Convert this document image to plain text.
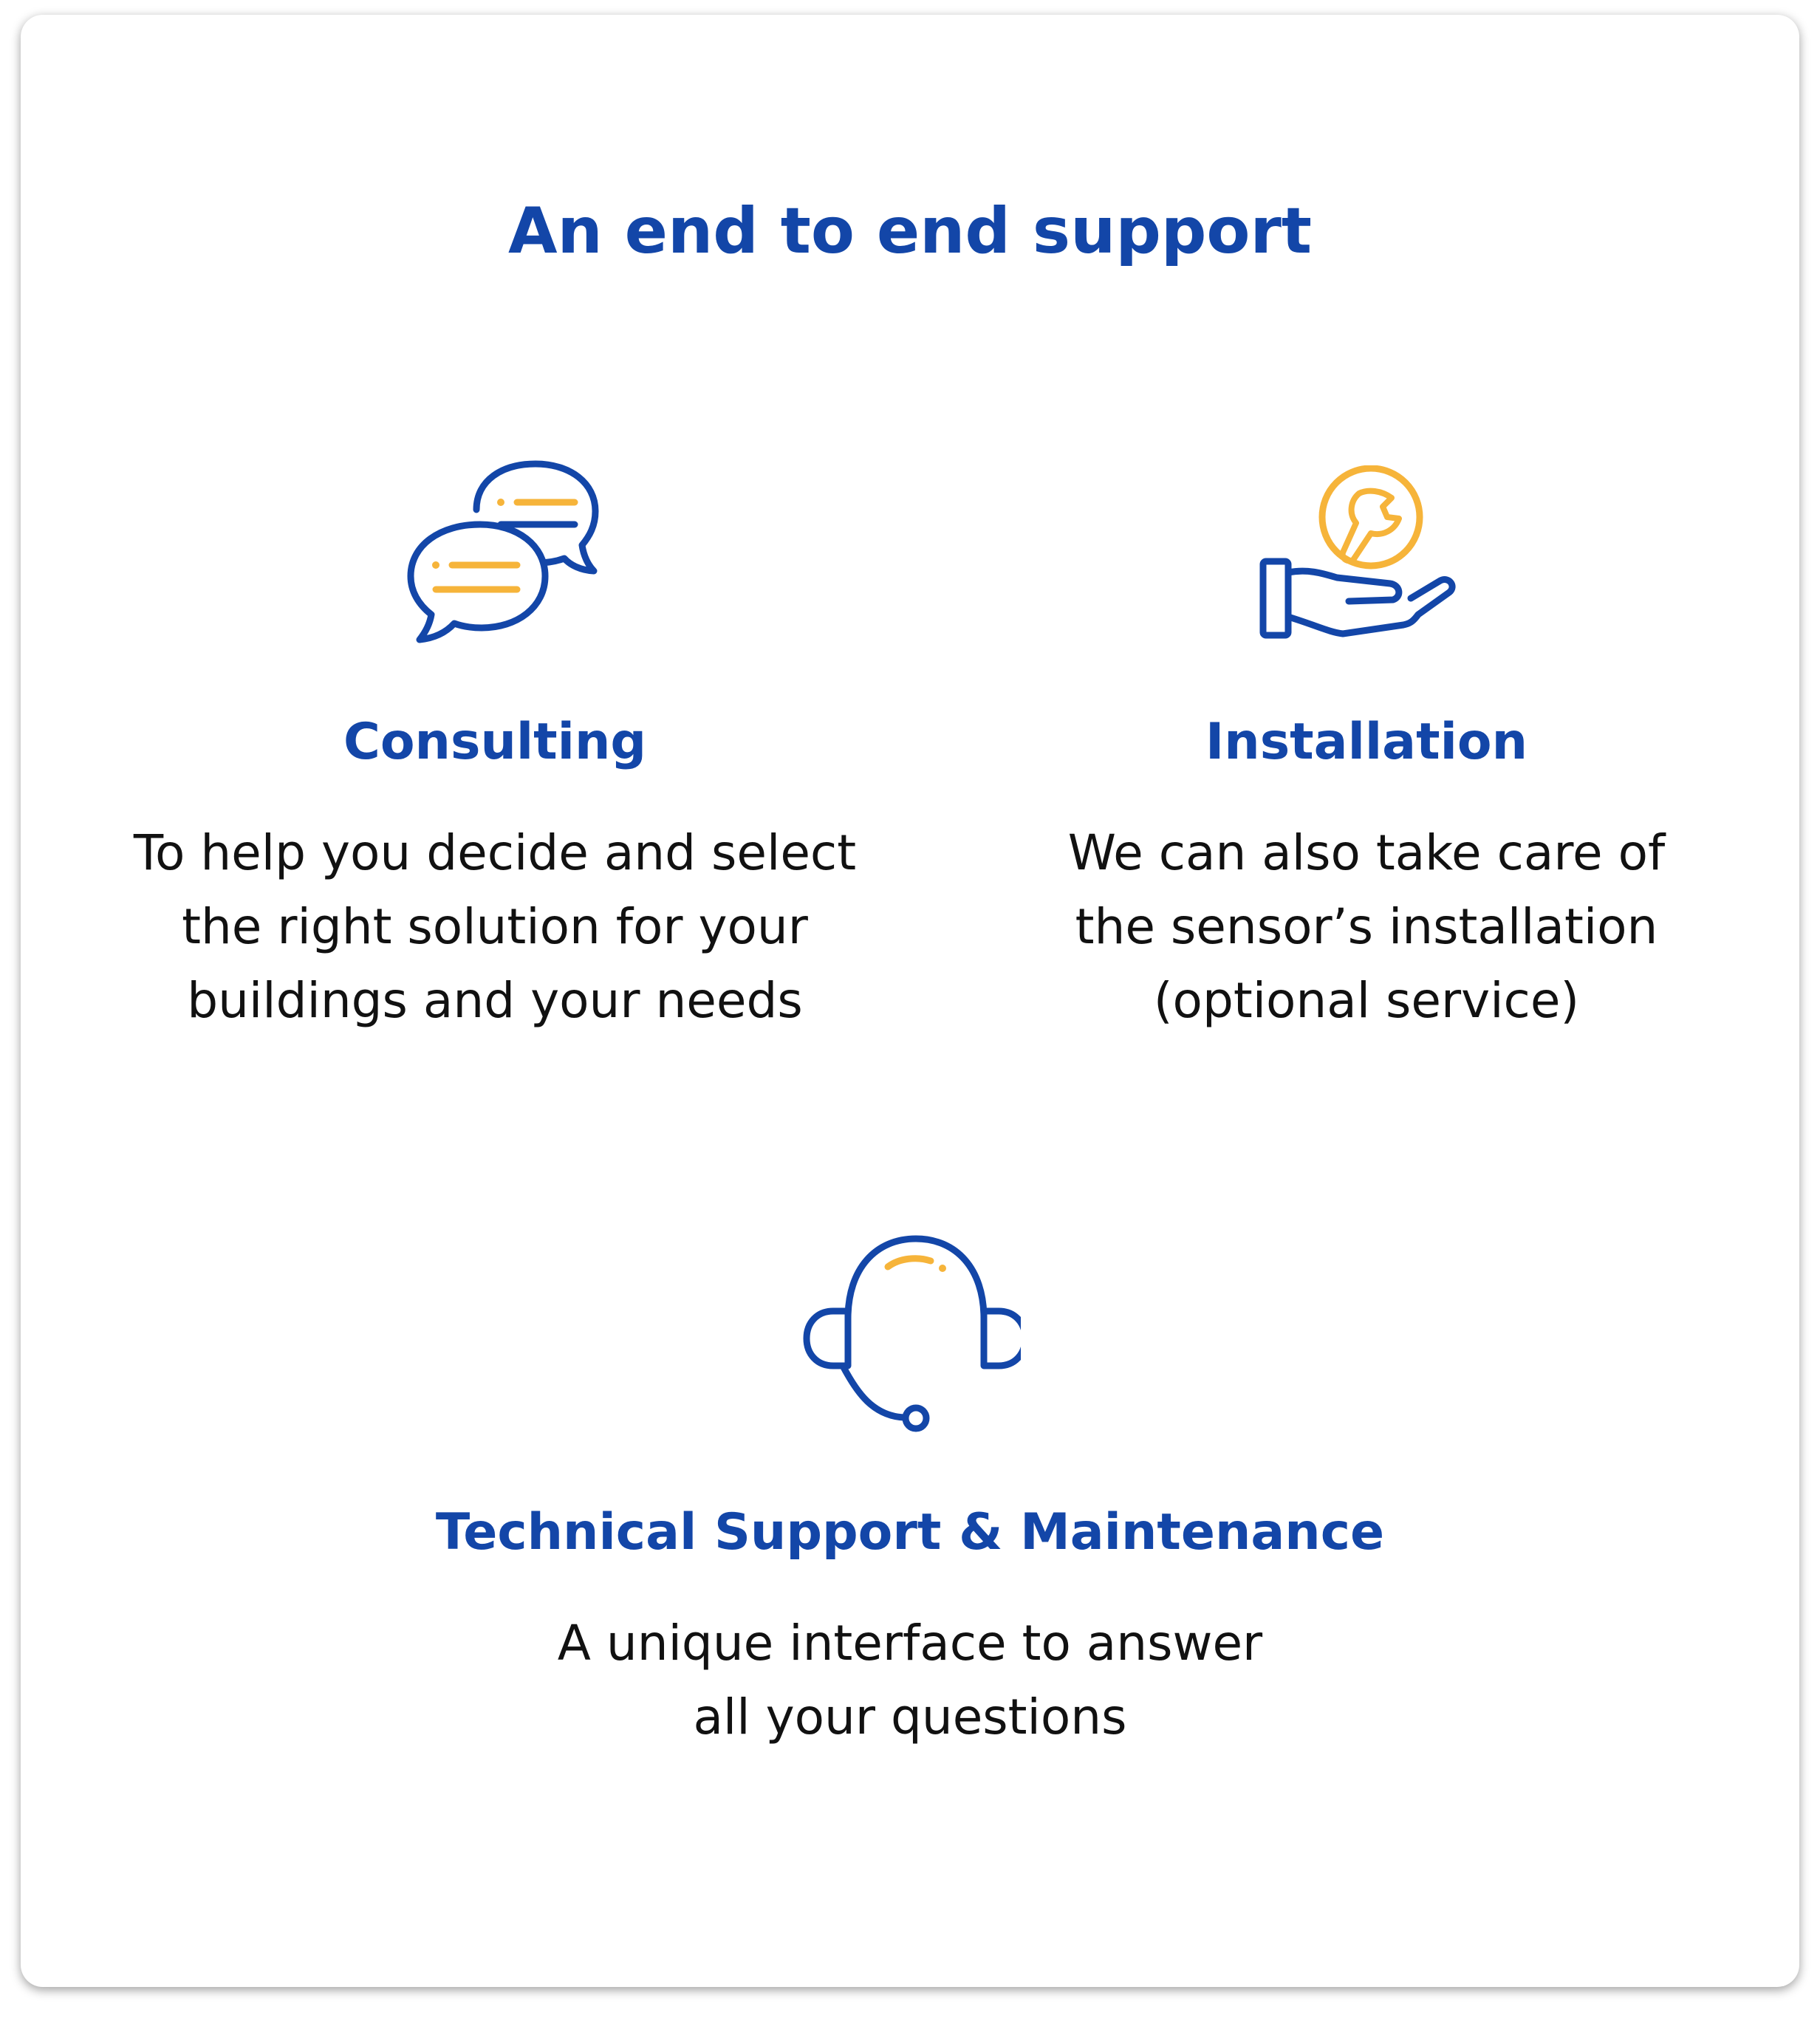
An end to end support
Consulting

To help you decide and select
the right solution for your
buildings and your needs

Installation

We can also take care of
the sensor’s installation
(optional service)

Technical Support & Maintenance

A unique interface to answer
all your questions
